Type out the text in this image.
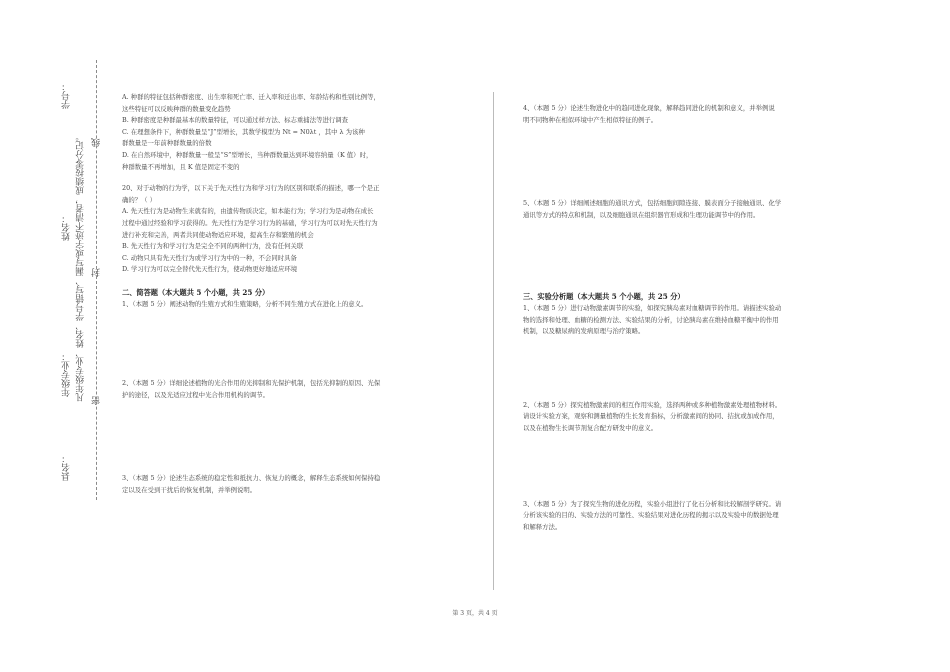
学号：
姓名：
年级专业：
县名：
凡年级专业、姓名、学号错写、漏写或字迹不清者，成绩按零分记。 密
封
线

A. 种群的特征包括种群密度、出生率和死亡率、迁入率和迁出率、年龄结构和性别比例等，

这些特征可以反映种群的数量变化趋势

B. 种群密度是种群最基本的数量特征，可以通过样方法、标志重捕法等进行调查

C. 在理想条件下，种群数量呈“J”型增长，其数学模型为 Nt = N0λt ，其中 λ 为该种

群数量是一年前种群数量的倍数

D. 在自然环境中，种群数量一般呈“S”型增长，当种群数量达到环境容纳量（K 值）时，

种群数量不再增加，且 K 值是固定不变的

20、对于动物的行为学，以下关于先天性行为和学习行为的区别和联系的描述，哪一个是正

确的？（ ）

A. 先天性行为是动物生来就有的，由遗传物质决定，如本能行为；学习行为是动物在成长

过程中通过经验和学习获得的。先天性行为是学习行为的基础，学习行为可以对先天性行为

进行补充和完善，两者共同使动物适应环境，提高生存和繁殖的机会

B. 先天性行为和学习行为是完全不同的两种行为，没有任何关联

C. 动物只具有先天性行为或学习行为中的一种，不会同时具备

D. 学习行为可以完全替代先天性行为，使动物更好地适应环境

二、简答题（本大题共 5 个小题，共 25 分）

1、（本题 5 分）阐述动物的生殖方式和生殖策略，分析不同生殖方式在进化上的意义。

2、（本题 5 分）详细论述植物的光合作用的光抑制和光保护机制，包括光抑制的原因、光保

护的途径，以及光适应过程中光合作用机构的调节。

3、（本题 5 分）论述生态系统的稳定性和抵抗力、恢复力的概念，解释生态系统如何保持稳

定以及在受到干扰后的恢复机制，并举例说明。

4、（本题 5 分）论述生物进化中的趋同进化现象，解释趋同进化的机制和意义，并举例说

明不同物种在相似环境中产生相似特征的例子。

5、（本题 5 分）详细阐述细胞的通讯方式，包括细胞间隙连接、膜表面分子接触通讯、化学

通讯等方式的特点和机制，以及细胞通讯在组织器官形成和生理功能调节中的作用。

三、实验分析题（本大题共 5 个小题，共 25 分）

1、（本题 5 分）进行动物激素调节的实验，如探究胰岛素对血糖调节的作用。请描述实验动

物的选择和处理、血糖的检测方法、实验结果的分析，讨论胰岛素在维持血糖平衡中的作用

机制，以及糖尿病的发病原理与治疗策略。

2、（本题 5 分）探究植物激素间的相互作用实验，选择两种或多种植物激素处理植物材料。

请设计实验方案，观察和测量植物的生长发育指标，分析激素间的协同、拮抗或加成作用，

以及在植物生长调节剂复合配方研发中的意义。

3、（本题 5 分）为了探究生物的进化历程，实验小组进行了化石分析和比较解剖学研究。请

分析该实验的目的、实验方法的可靠性、实验结果对进化历程的揭示以及实验中的数据处理

和解释方法。

第 3 页，共 4 页
